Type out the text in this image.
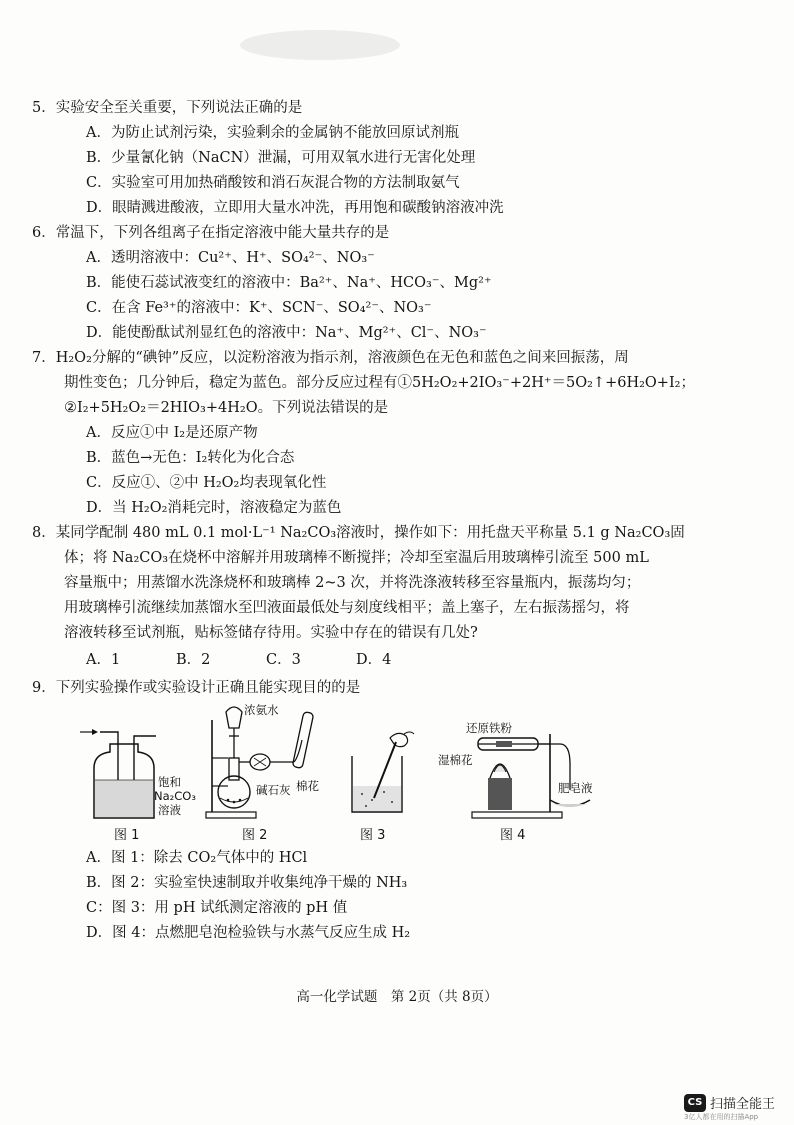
5．实验安全至关重要，下列说法正确的是
A．为防止试剂污染，实验剩余的金属钠不能放回原试剂瓶
B．少量氰化钠（NaCN）泄漏，可用双氧水进行无害化处理
C．实验室可用加热硝酸铵和消石灰混合物的方法制取氨气
D．眼睛溅进酸液，立即用大量水冲洗，再用饱和碳酸钠溶液冲洗
6．常温下，下列各组离子在指定溶液中能大量共存的是
A．透明溶液中：Cu²⁺、H⁺、SO₄²⁻、NO₃⁻
B．能使石蕊试液变红的溶液中：Ba²⁺、Na⁺、HCO₃⁻、Mg²⁺
C．在含 Fe³⁺的溶液中：K⁺、SCN⁻、SO₄²⁻、NO₃⁻
D．能使酚酞试剂显红色的溶液中：Na⁺、Mg²⁺、Cl⁻、NO₃⁻
7．H₂O₂分解的“碘钟”反应，以淀粉溶液为指示剂，溶液颜色在无色和蓝色之间来回振荡，周
期性变色；几分钟后，稳定为蓝色。部分反应过程有①5H₂O₂+2IO₃⁻+2H⁺＝5O₂↑+6H₂O+I₂；
②I₂+5H₂O₂＝2HIO₃+4H₂O。下列说法错误的是
A．反应①中 I₂是还原产物
B．蓝色→无色：I₂转化为化合态
C．反应①、②中 H₂O₂均表现氧化性
D．当 H₂O₂消耗完时，溶液稳定为蓝色
8．某同学配制 480 mL 0.1 mol·L⁻¹ Na₂CO₃溶液时，操作如下：用托盘天平称量 5.1 g Na₂CO₃固
体；将 Na₂CO₃在烧杯中溶解并用玻璃棒不断搅拌；冷却至室温后用玻璃棒引流至 500 mL
容量瓶中；用蒸馏水洗涤烧杯和玻璃棒 2~3 次，并将洗涤液转移至容量瓶内，振荡均匀；
用玻璃棒引流继续加蒸馏水至凹液面最低处与刻度线相平；盖上塞子，左右振荡摇匀，将
溶液转移至试剂瓶，贴标签储存待用。实验中存在的错误有几处?
A．1	B．2	C．3	D．4
9．下列实验操作或实验设计正确且能实现目的的是
饱和
Na₂CO₃
溶液
图 1
浓氨水
棉花
碱石灰
图 2	图 3
还原铁粉
湿棉花
肥皂液
图 4
A．图 1：除去 CO₂气体中的 HCl
B．图 2：实验室快速制取并收集纯净干燥的 NH₃
C：图 3：用 pH 试纸测定溶液的 pH 值
D．图 4：点燃肥皂泡检验铁与水蒸气反应生成 H₂
高一化学试题　第 2页（共 8页）
CS 扫描全能王
3亿人都在用的扫描App
